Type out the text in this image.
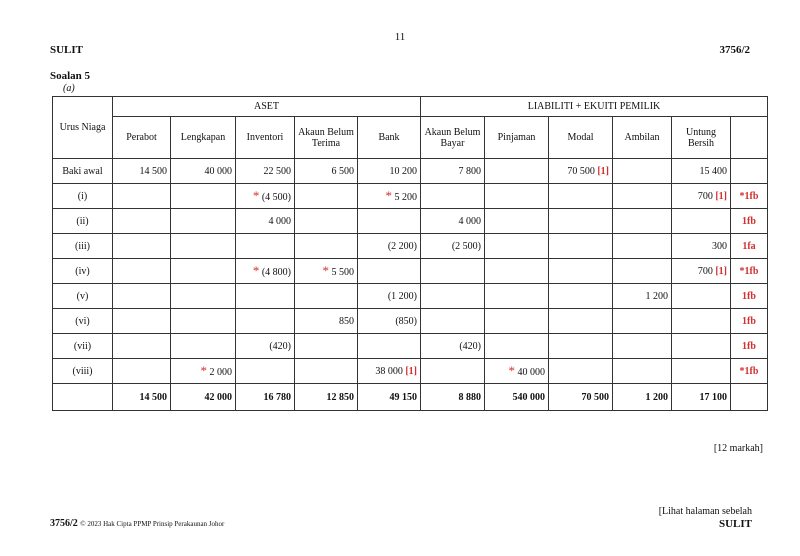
11
SULIT	3756/2
Soalan 5
(a)
Urus Niaga	ASET					LIABILITI + EKUITI PEMILIK					
	Perabot	Lengkapan	Inventori	Akaun Belum Terima	Bank	Akaun Belum Bayar	Pinjaman	Modal	Ambilan	Untung Bersih	
Baki awal	14 500	40 000	22 500	6 500	10 200	7 800		70 500 [1]		15 400	
(i)			* (4 500)		* 5 200					700 [1]	*1fb
(ii)			4 000			4 000					1fb
(iii)					(2 200)	(2 500)				300	1fa
(iv)			* (4 800)	* 5 500						700 [1]	*1fb
(v)					(1 200)				1 200		1fb
(vi)				850	(850)						1fb
(vii)			(420)			(420)					1fb
(viii)		* 2 000			38 000 [1]		* 40 000				*1fb
	14 500	42 000	16 780	12 850	49 150	8 880	540 000	70 500	1 200	17 100	
[12 markah]
[Lihat halaman sebelah
SULIT
3756/2 © 2023 Hak Cipta PPMP Prinsip Perakaunan Johor
